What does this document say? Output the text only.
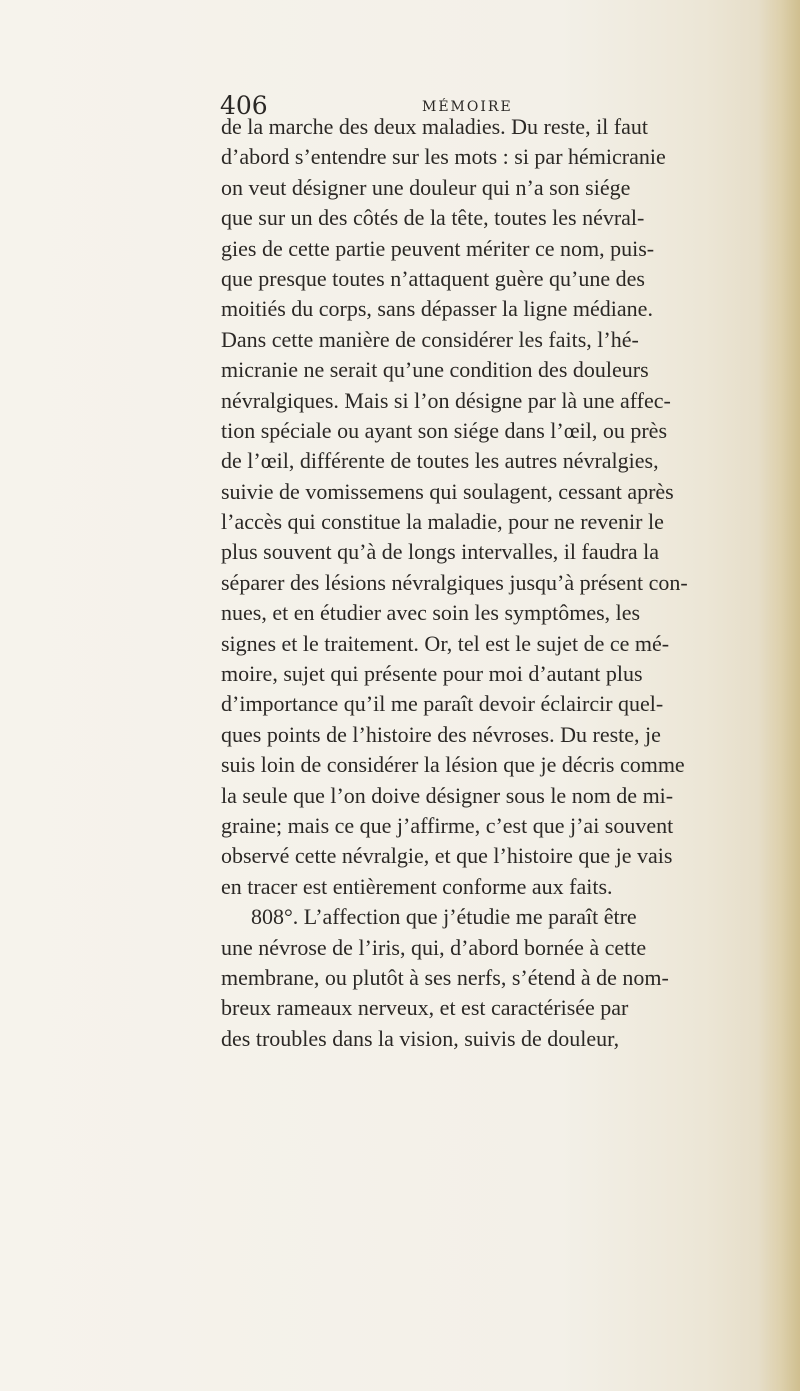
406	MÉMOIRE
de la marche des deux maladies. Du reste, il faut
d’abord s’entendre sur les mots : si par hémicranie
on veut désigner une douleur qui n’a son siége
que sur un des côtés de la tête, toutes les névral-
gies de cette partie peuvent mériter ce nom, puis-
que presque toutes n’attaquent guère qu’une des
moitiés du corps, sans dépasser la ligne médiane.
Dans cette manière de considérer les faits, l’hé-
micranie ne serait qu’une condition des douleurs
névralgiques. Mais si l’on désigne par là une affec-
tion spéciale ou ayant son siége dans l’œil, ou près
de l’œil, différente de toutes les autres névralgies,
suivie de vomissemens qui soulagent, cessant après
l’accès qui constitue la maladie, pour ne revenir le
plus souvent qu’à de longs intervalles, il faudra la
séparer des lésions névralgiques jusqu’à présent con-
nues, et en étudier avec soin les symptômes, les
signes et le traitement. Or, tel est le sujet de ce mé-
moire, sujet qui présente pour moi d’autant plus
d’importance qu’il me paraît devoir éclaircir quel-
ques points de l’histoire des névroses. Du reste, je
suis loin de considérer la lésion que je décris comme
la seule que l’on doive désigner sous le nom de mi-
graine; mais ce que j’affirme, c’est que j’ai souvent
observé cette névralgie, et que l’histoire que je vais
en tracer est entièrement conforme aux faits.
808°. L’affection que j’étudie me paraît être
une névrose de l’iris, qui, d’abord bornée à cette
membrane, ou plutôt à ses nerfs, s’étend à de nom-
breux rameaux nerveux, et est caractérisée par
des troubles dans la vision, suivis de douleur,
